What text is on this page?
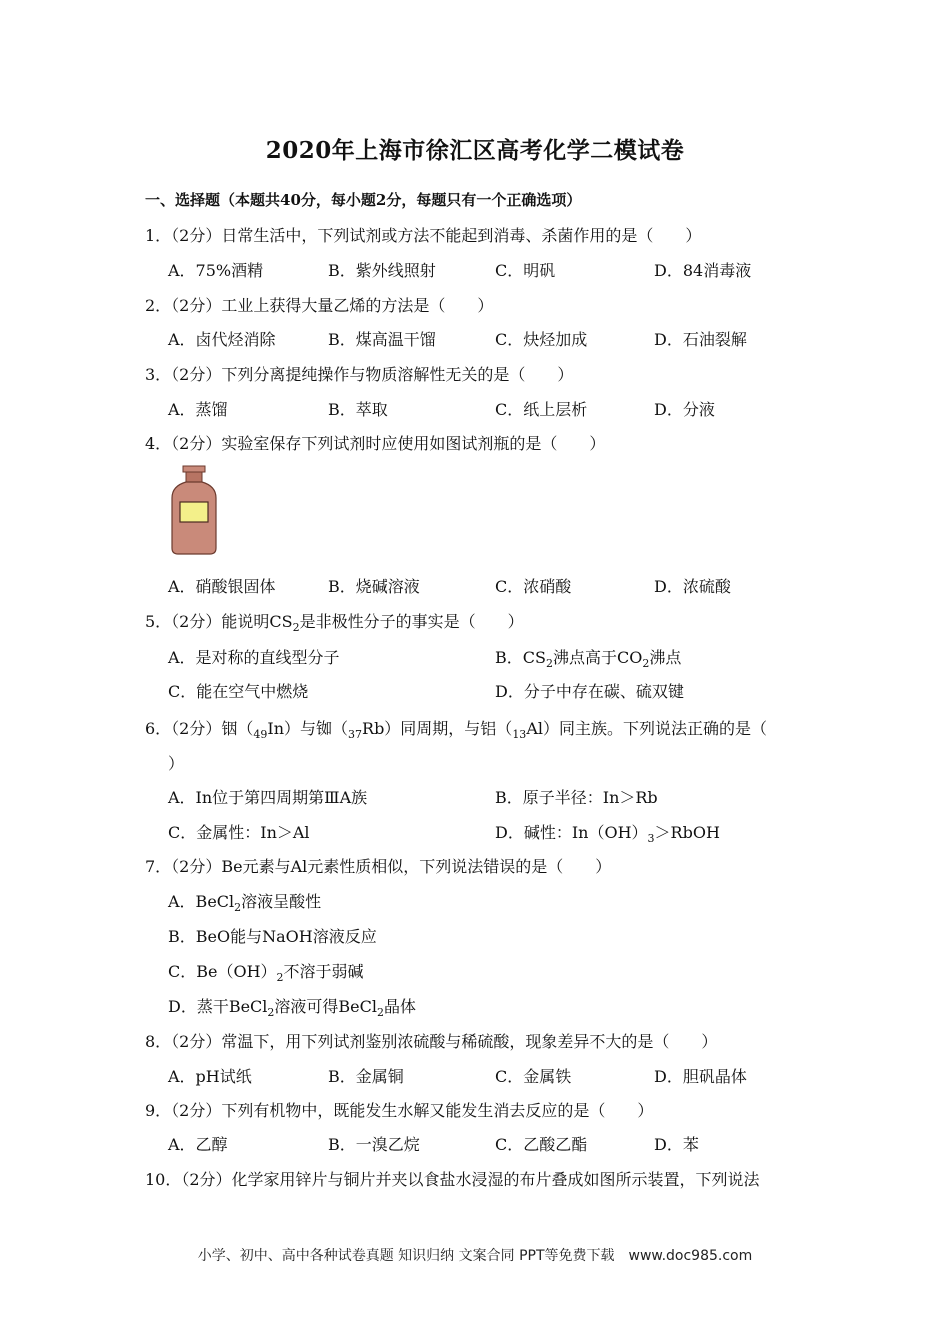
2020年上海市徐汇区高考化学二模试卷
一、选择题（本题共40分，每小题2分，每题只有一个正确选项）
1．（2分）日常生活中，下列试剂或方法不能起到消毒、杀菌作用的是（　　）
A．75%酒精	B．紫外线照射	C．明矾	D．84消毒液
2．（2分）工业上获得大量乙烯的方法是（　　）
A．卤代烃消除	B．煤高温干馏	C．炔烃加成	D．石油裂解
3．（2分）下列分离提纯操作与物质溶解性无关的是（　　）
A．蒸馏	B．萃取	C．纸上层析	D．分液
4．（2分）实验室保存下列试剂时应使用如图试剂瓶的是（　　）
A．硝酸银固体	B．烧碱溶液	C．浓硝酸	D．浓硫酸
5．（2分）能说明$CS_2$是非极性分子的事实是（　　）
A．是对称的直线型分子	B．$CS_2$沸点高于$CO_2$沸点
C．能在空气中燃烧	D．分子中存在碳、硫双键
6．（2分）铟$(_{49}In)$与铷$(_{37}Rb)$同周期，与铝$(_{13}Al)$同主族。下列说法正确的是（
）
A．In位于第四周期第ⅢA族	B．原子半径：In＞Rb
C．金属性：In＞Al	D．碱性：$In(OH)_3>RbOH$
7．（2分）Be元素与Al元素性质相似，下列说法错误的是（　　）
A．BeCl$_2$溶液呈酸性
B．BeO能与NaOH溶液反应
C．$Be(OH)_2$不溶于弱碱
D．蒸干BeCl$_2$溶液可得BeCl$_2$晶体
8．（2分）常温下，用下列试剂鉴别浓硫酸与稀硫酸，现象差异不大的是（　　）
A．pH试纸	B．金属铜	C．金属铁	D．胆矾晶体
9．（2分）下列有机物中，既能发生水解又能发生消去反应的是（　　）
A．乙醇	B．一溴乙烷	C．乙酸乙酯	D．苯
10．（2分）化学家用锌片与铜片并夹以食盐水浸湿的布片叠成如图所示装置，下列说法
小学、初中、高中各种试卷真题 知识归纳 文案合同 PPT等免费下载　www.doc985.com
